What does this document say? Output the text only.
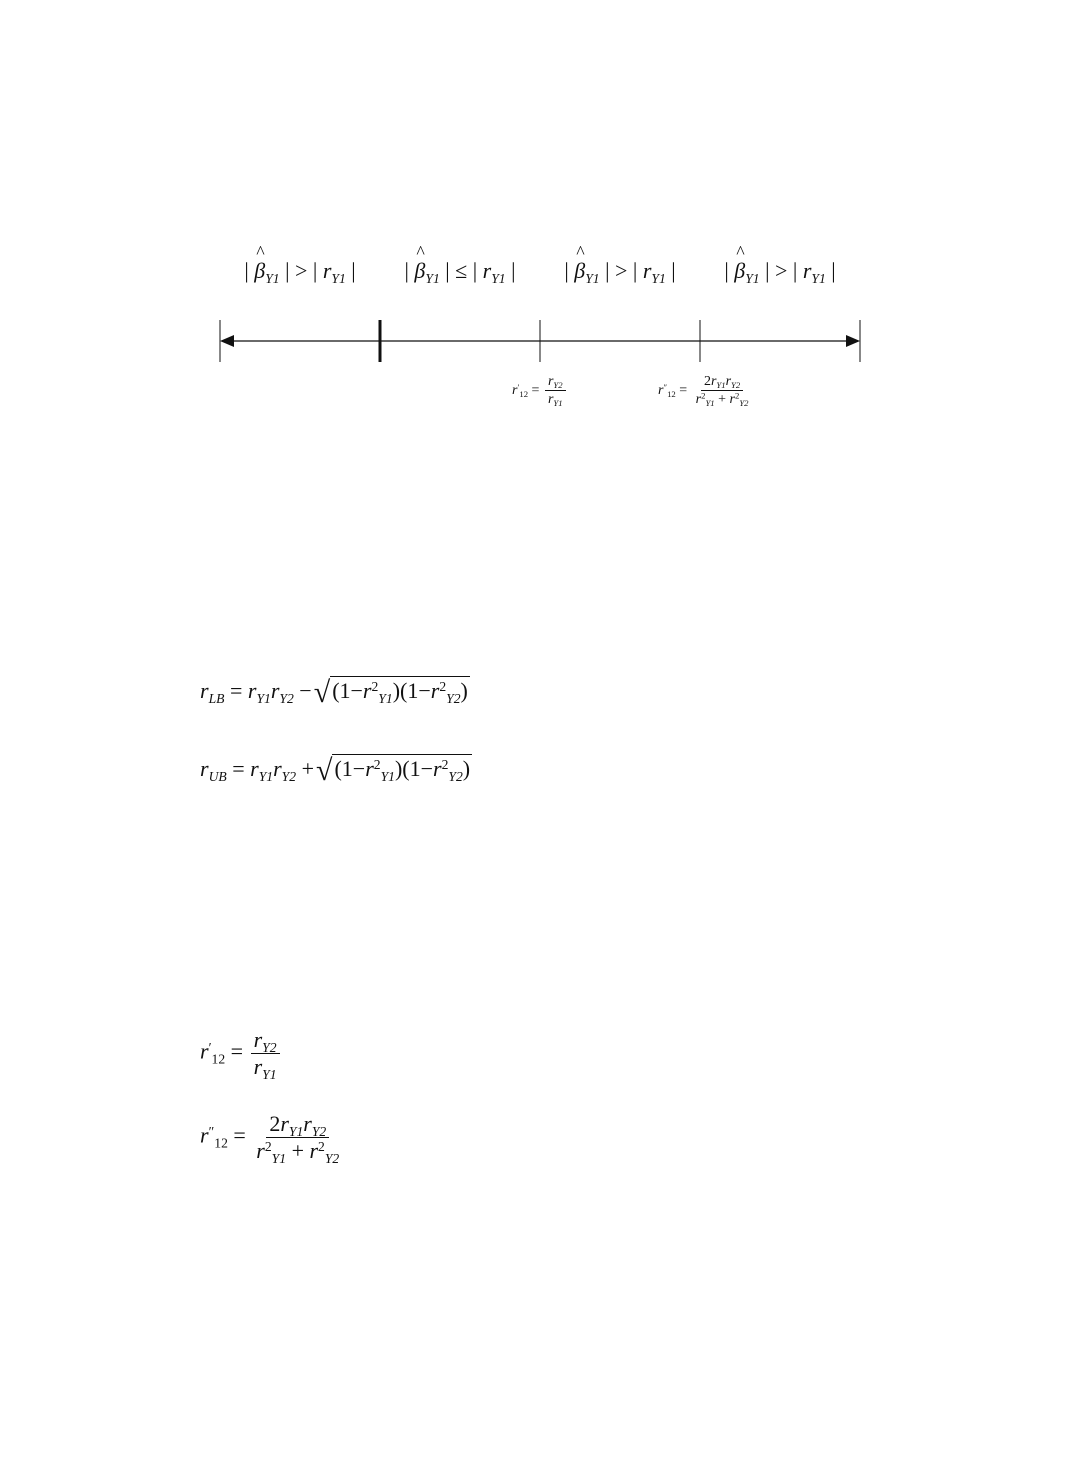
|
^
$\beta_{Y1}$ | > | $r_{Y1}$ | |
^
$\beta_{Y1}$ | ≤ | $r_{Y1}$ | |
^
$\beta_{Y1}$ | > | $r_{Y1}$ | |
^
$\beta_{Y1}$ | > | $r_{Y1}$ |
$r'_{12} = \frac{r_{Y2}}{r_{Y1}}$	$r''_{12} = \frac{2r_{Y1}r_{Y2}}{r^2_{Y1} + r^2_{Y2}}$
$r_{LB} = r_{Y1}r_{Y2} -√(1-r^2_{Y1})(1-r^2_{Y2})$
$r_{UB} = r_{Y1}r_{Y2} +√(1-r^2_{Y1})(1-r^2_{Y2})$
$r'_{12} = \frac{r_{Y2}}{r_{Y1}}$
$r''_{12} = \frac{2r_{Y1}r_{Y2}}{r^2_{Y1} + r^2_{Y2}}$
